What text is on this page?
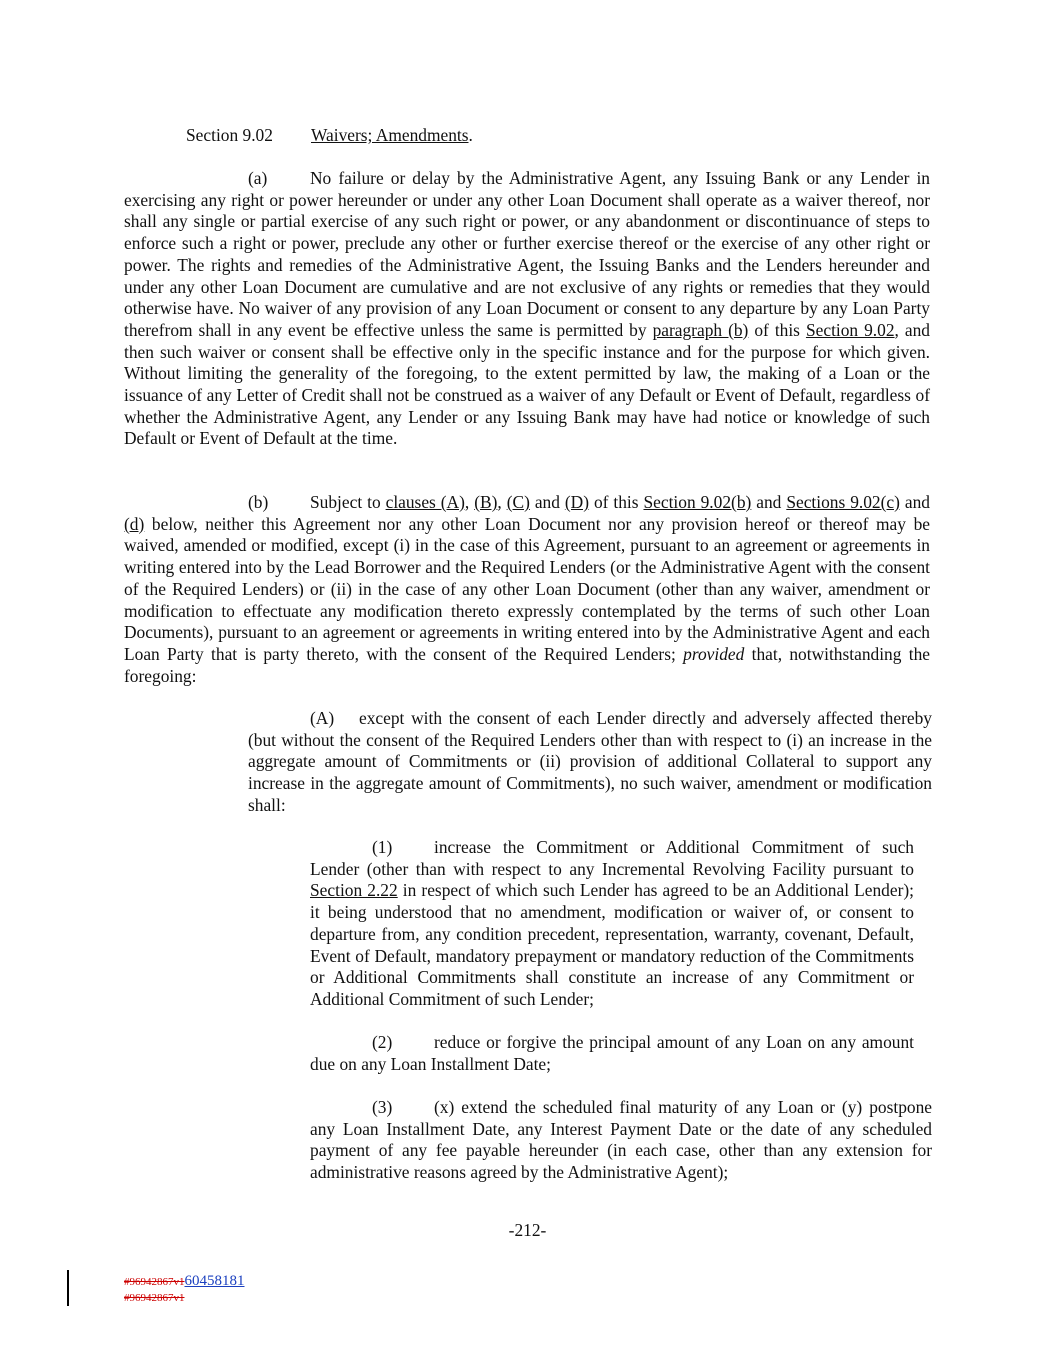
Section 9.02 Waivers; Amendments.
(a) No failure or delay by the Administrative Agent, any Issuing Bank or any Lender in exercising any right or power hereunder or under any other Loan Document shall operate as a waiver thereof, nor shall any single or partial exercise of any such right or power, or any abandonment or discontinuance of steps to enforce such a right or power, preclude any other or further exercise thereof or the exercise of any other right or power. The rights and remedies of the Administrative Agent, the Issuing Banks and the Lenders hereunder and under any other Loan Document are cumulative and are not exclusive of any rights or remedies that they would otherwise have. No waiver of any provision of any Loan Document or consent to any departure by any Loan Party therefrom shall in any event be effective unless the same is permitted by paragraph (b) of this Section 9.02, and then such waiver or consent shall be effective only in the specific instance and for the purpose for which given. Without limiting the generality of the foregoing, to the extent permitted by law, the making of a Loan or the issuance of any Letter of Credit shall not be construed as a waiver of any Default or Event of Default, regardless of whether the Administrative Agent, any Lender or any Issuing Bank may have had notice or knowledge of such Default or Event of Default at the time.
(b) Subject to clauses (A), (B), (C) and (D) of this Section 9.02(b) and Sections 9.02(c) and (d) below, neither this Agreement nor any other Loan Document nor any provision hereof or thereof may be waived, amended or modified, except (i) in the case of this Agreement, pursuant to an agreement or agreements in writing entered into by the Lead Borrower and the Required Lenders (or the Administrative Agent with the consent of the Required Lenders) or (ii) in the case of any other Loan Document (other than any waiver, amendment or modification to effectuate any modification thereto expressly contemplated by the terms of such other Loan Documents), pursuant to an agreement or agreements in writing entered into by the Administrative Agent and each Loan Party that is party thereto, with the consent of the Required Lenders; provided that, notwithstanding the foregoing:
(A) except with the consent of each Lender directly and adversely affected thereby (but without the consent of the Required Lenders other than with respect to (i) an increase in the aggregate amount of Commitments or (ii) provision of additional Collateral to support any increase in the aggregate amount of Commitments), no such waiver, amendment or modification shall:
(1) increase the Commitment or Additional Commitment of such Lender (other than with respect to any Incremental Revolving Facility pursuant to Section 2.22 in respect of which such Lender has agreed to be an Additional Lender); it being understood that no amendment, modification or waiver of, or consent to departure from, any condition precedent, representation, warranty, covenant, Default, Event of Default, mandatory prepayment or mandatory reduction of the Commitments or Additional Commitments shall constitute an increase of any Commitment or Additional Commitment of such Lender;
(2) reduce or forgive the principal amount of any Loan on any amount due on any Loan Installment Date;
(3) (x) extend the scheduled final maturity of any Loan or (y) postpone any Loan Installment Date, any Interest Payment Date or the date of any scheduled payment of any fee payable hereunder (in each case, other than any extension for administrative reasons agreed by the Administrative Agent);
-212-
#96942867v160458181
#96942867v1
